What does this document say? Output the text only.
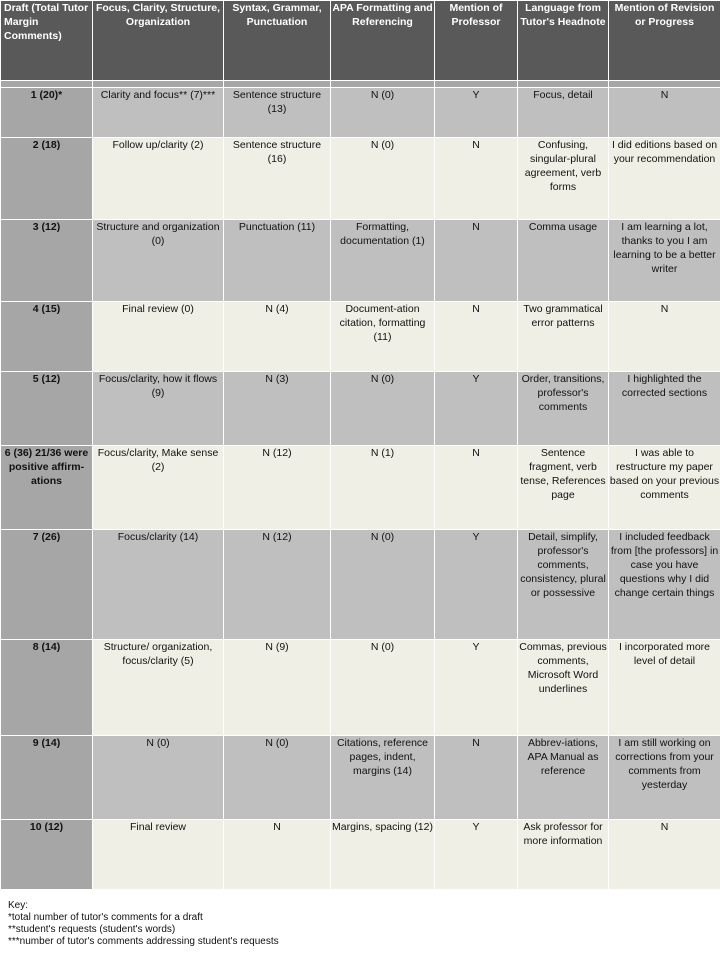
Draft (Total Tutor Margin Comments)	Focus, Clarity, Structure, Organization	Syntax, Grammar, Punctuation	APA Formatting and Referencing	Mention of Professor	Language from Tutor's Headnote	Mention of Revision or Progress

1 (20)*	Clarity and focus** (7)***	Sentence structure (13)	N (0)	Y	Focus, detail	N
2 (18)	Follow up/clarity (2)	Sentence structure (16)	N (0)	N	Confusing, singular-plural agreement, verb forms	I did editions based on your recommendation
3 (12)	Structure and organization (0)	Punctuation (11)	Formatting, documentation (1)	N	Comma usage	I am learning a lot, thanks to you I am learning to be a better writer
4 (15)	Final review (0)	N (4)	Document-ation citation, formatting (11)	N	Two grammatical error patterns	N
5 (12)	Focus/clarity, how it flows (9)	N (3)	N (0)	Y	Order, transitions, professor's comments	I highlighted the corrected sections
6 (36) 21/36 were positive affirm-ations	Focus/clarity, Make sense (2)	N (12)	N (1)	N	Sentence fragment, verb tense, References page	I was able to restructure my paper based on your previous comments
7 (26)	Focus/clarity (14)	N (12)	N (0)	Y	Detail, simplify, professor's comments, consistency, plural or possessive	I included feedback from [the professors] in case you have questions why I did change certain things
8 (14)	Structure/ organization, focus/clarity (5)	N (9)	N (0)	Y	Commas, previous comments, Microsoft Word underlines	I incorporated more level of detail
9 (14)	N (0)	N (0)	Citations, reference pages, indent, margins (14)	N	Abbrev-iations, APA Manual as reference	I am still working on corrections from your comments from yesterday
10 (12)	Final review	N	Margins, spacing (12)	Y	Ask professor for more information	N
Key:
*total number of tutor's comments for a draft
**student's requests (student's words)
***number of tutor's comments addressing student's requests
